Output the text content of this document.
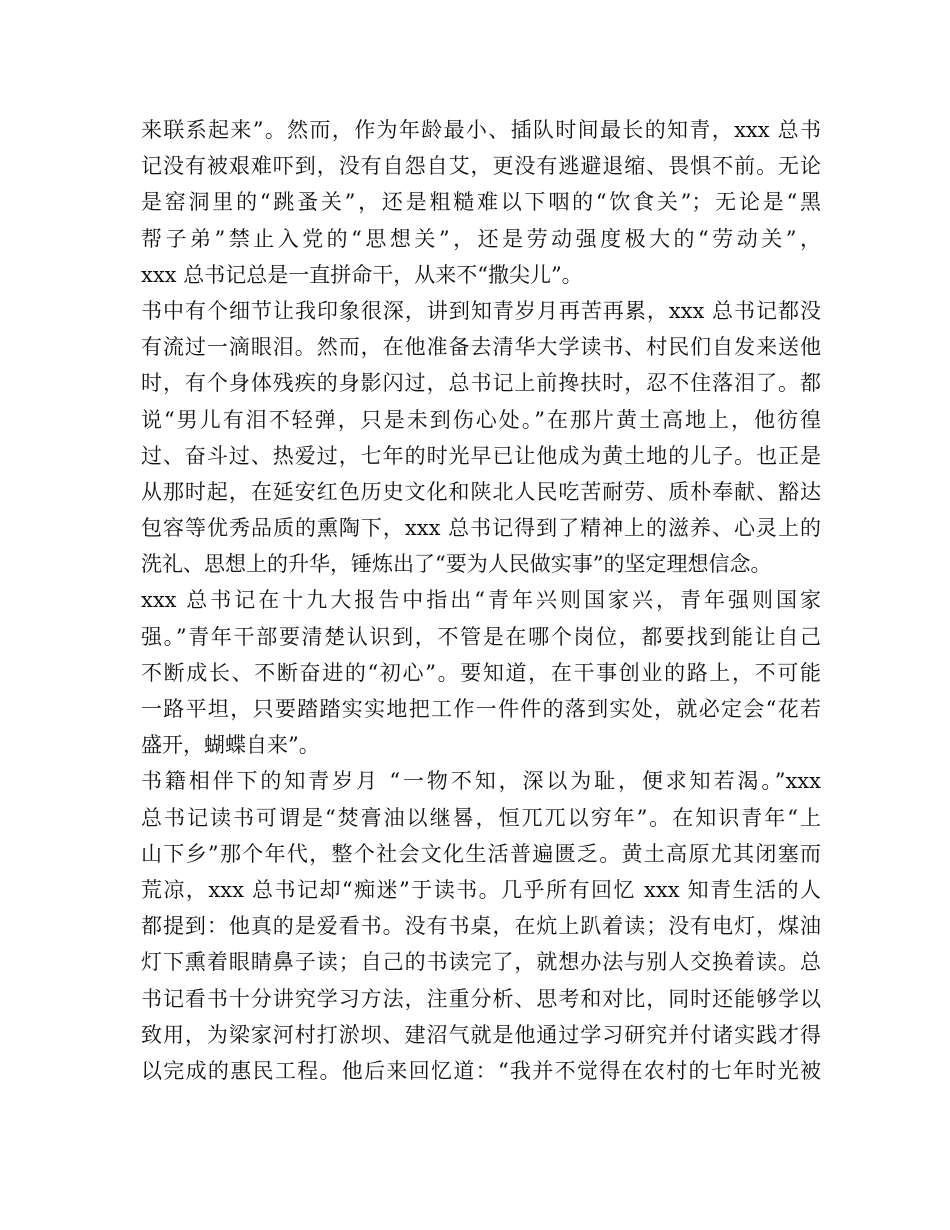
来联系起来”。然而，作为年龄最小、插队时间最长的知青，xxx 总书
记没有被艰难吓到，没有自怨自艾，更没有逃避退缩、畏惧不前。无论
是窑洞里的“跳蚤关”，还是粗糙难以下咽的“饮食关”；无论是“黑
帮子弟”禁止入党的“思想关”，还是劳动强度极大的“劳动关”，
xxx 总书记总是一直拼命干，从来不“撒尖儿”。
书中有个细节让我印象很深，讲到知青岁月再苦再累，xxx 总书记都没
有流过一滴眼泪。然而，在他准备去清华大学读书、村民们自发来送他
时，有个身体残疾的身影闪过，总书记上前搀扶时，忍不住落泪了。都
说“男儿有泪不轻弹，只是未到伤心处。”在那片黄土高地上，他彷徨
过、奋斗过、热爱过，七年的时光早已让他成为黄土地的儿子。也正是
从那时起，在延安红色历史文化和陕北人民吃苦耐劳、质朴奉献、豁达
包容等优秀品质的熏陶下，xxx 总书记得到了精神上的滋养、心灵上的
洗礼、思想上的升华，锤炼出了“要为人民做实事”的坚定理想信念。
xxx 总书记在十九大报告中指出“青年兴则国家兴，青年强则国家
强。”青年干部要清楚认识到，不管是在哪个岗位，都要找到能让自己
不断成长、不断奋进的“初心”。要知道，在干事创业的路上，不可能
一路平坦，只要踏踏实实地把工作一件件的落到实处，就必定会“花若
盛开，蝴蝶自来”。
书籍相伴下的知青岁月 “一物不知，深以为耻，便求知若渴。”xxx
总书记读书可谓是“焚膏油以继晷，恒兀兀以穷年”。在知识青年“上
山下乡”那个年代，整个社会文化生活普遍匮乏。黄土高原尤其闭塞而
荒凉，xxx 总书记却“痴迷”于读书。几乎所有回忆 xxx 知青生活的人
都提到：他真的是爱看书。没有书桌，在炕上趴着读；没有电灯，煤油
灯下熏着眼睛鼻子读；自己的书读完了，就想办法与别人交换着读。总
书记看书十分讲究学习方法，注重分析、思考和对比，同时还能够学以
致用，为梁家河村打淤坝、建沼气就是他通过学习研究并付诸实践才得
以完成的惠民工程。他后来回忆道：“我并不觉得在农村的七年时光被
